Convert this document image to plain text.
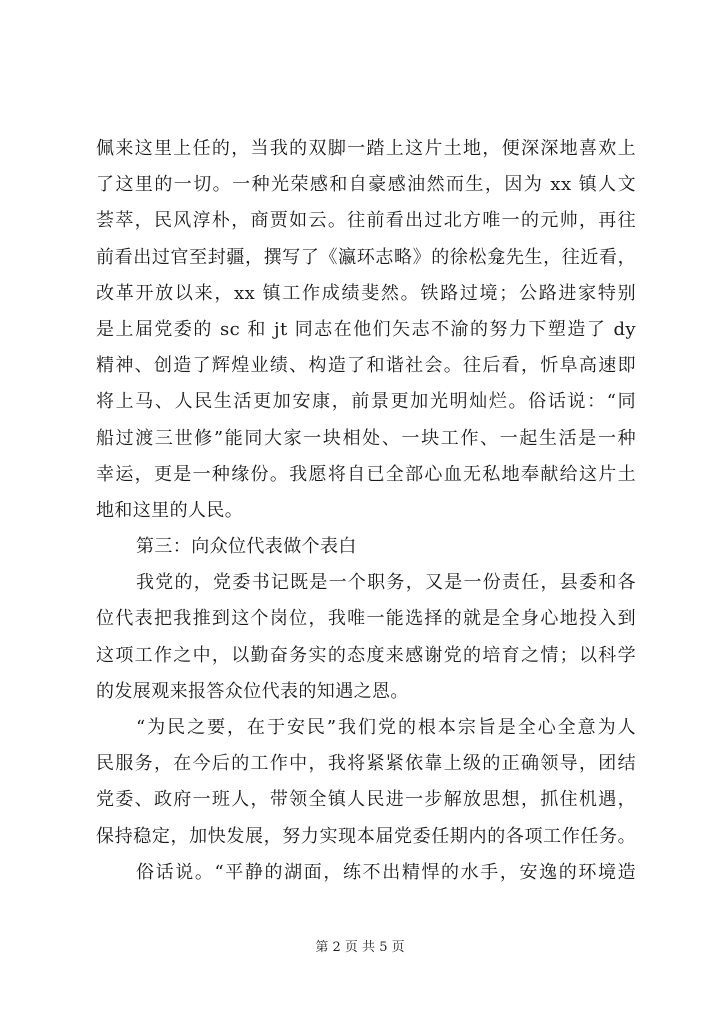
佩来这里上任的，当我的双脚一踏上这片土地，便深深地喜欢上
了这里的一切。一种光荣感和自豪感油然而生，因为 xx 镇人文
荟萃，民风淳朴，商贾如云。往前看出过北方唯一的元帅，再往
前看出过官至封疆，撰写了《瀛环志略》的徐松龛先生，往近看，
改革开放以来，xx 镇工作成绩斐然。铁路过境；公路进家特别
是上届党委的 sc 和 jt 同志在他们矢志不渝的努力下塑造了 dy
精神、创造了辉煌业绩、构造了和谐社会。往后看，忻阜高速即
将上马、人民生活更加安康，前景更加光明灿烂。俗话说：“同
船过渡三世修”能同大家一块相处、一块工作、一起生活是一种
幸运，更是一种缘份。我愿将自已全部心血无私地奉献给这片土
地和这里的人民。
第三：向众位代表做个表白
我党的，党委书记既是一个职务，又是一份责任，县委和各
位代表把我推到这个岗位，我唯一能选择的就是全身心地投入到
这项工作之中，以勤奋务实的态度来感谢党的培育之情；以科学
的发展观来报答众位代表的知遇之恩。
“为民之要，在于安民”我们党的根本宗旨是全心全意为人
民服务，在今后的工作中，我将紧紧依靠上级的正确领导，团结
党委、政府一班人，带领全镇人民进一步解放思想，抓住机遇，
保持稳定，加快发展，努力实现本届党委任期内的各项工作任务。
俗话说。“平静的湖面，练不出精悍的水手，安逸的环境造
第 2 页 共 5 页
